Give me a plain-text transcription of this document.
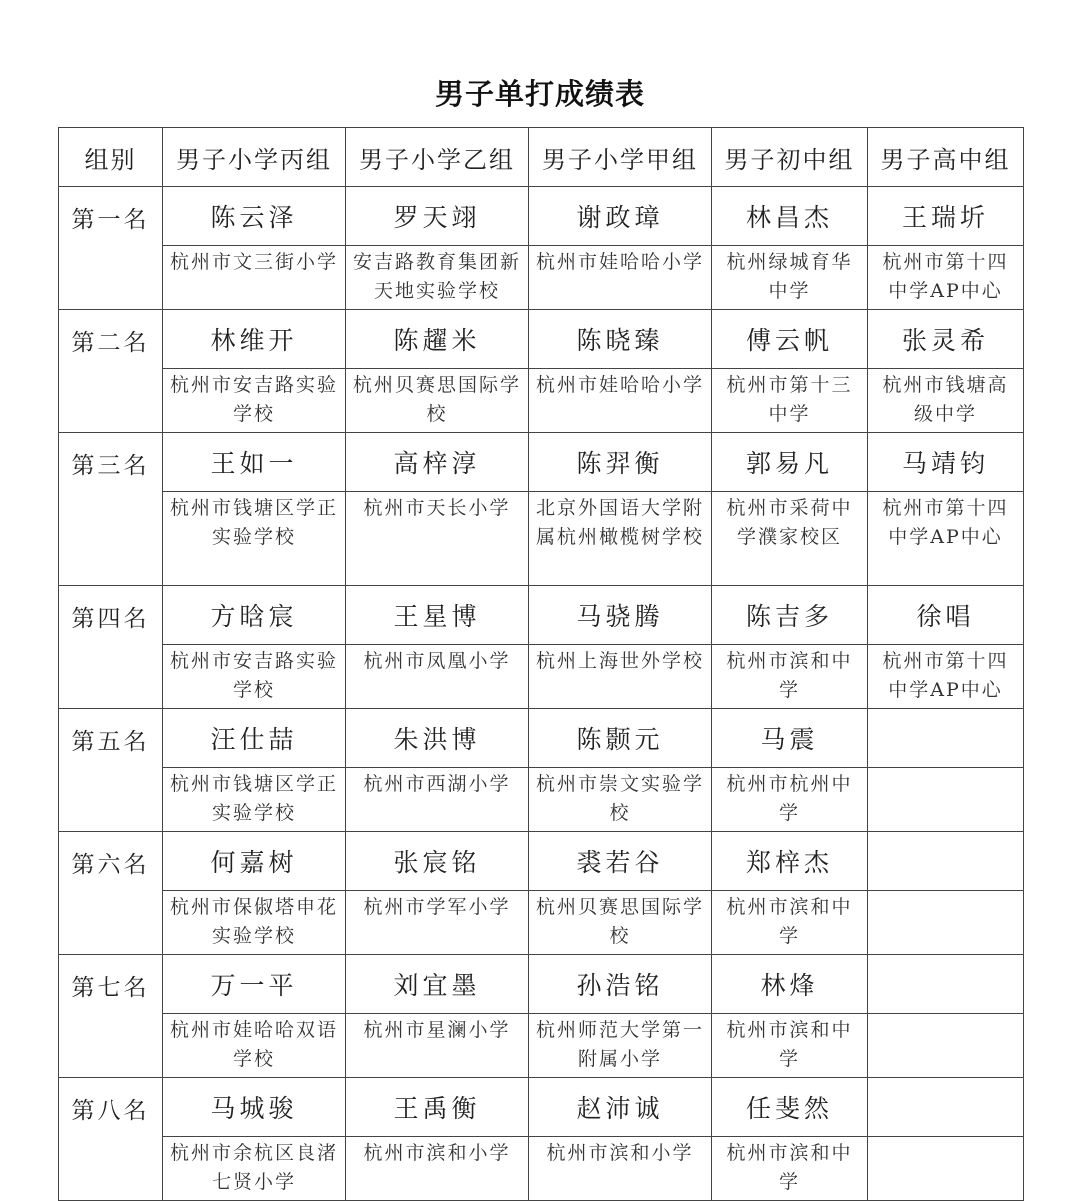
男子单打成绩表
组别	男子小学丙组	男子小学乙组	男子小学甲组	男子初中组	男子高中组
第一名	陈云泽	罗天翊	谢政璋	林昌杰	王瑞圻
	杭州市文三街小学	安吉路教育集团新天地实验学校	杭州市娃哈哈小学	杭州绿城育华中学	杭州市第十四中学AP中心
第二名	林维开	陈趯米	陈晓臻	傅云帆	张灵希
	杭州市安吉路实验学校	杭州贝赛思国际学校	杭州市娃哈哈小学	杭州市第十三中学	杭州市钱塘高级中学
第三名	王如一	高梓淳	陈羿衡	郭易凡	马靖钧
	杭州市钱塘区学正实验学校	杭州市天长小学	北京外国语大学附属杭州橄榄树学校	杭州市采荷中学濮家校区	杭州市第十四中学AP中心
第四名	方晗宸	王星博	马骁腾	陈吉多	徐唱
	杭州市安吉路实验学校	杭州市凤凰小学	杭州上海世外学校	杭州市滨和中学	杭州市第十四中学AP中心
第五名	汪仕喆	朱洪博	陈颢元	马震	
	杭州市钱塘区学正实验学校	杭州市西湖小学	杭州市崇文实验学校	杭州市杭州中学	
第六名	何嘉树	张宸铭	裘若谷	郑梓杰	
	杭州市保俶塔申花实验学校	杭州市学军小学	杭州贝赛思国际学校	杭州市滨和中学	
第七名	万一平	刘宜墨	孙浩铭	林烽	
	杭州市娃哈哈双语学校	杭州市星澜小学	杭州师范大学第一附属小学	杭州市滨和中学	
第八名	马城骏	王禹衡	赵沛诚	任斐然	
	杭州市余杭区良渚七贤小学	杭州市滨和小学	杭州市滨和小学	杭州市滨和中学	
